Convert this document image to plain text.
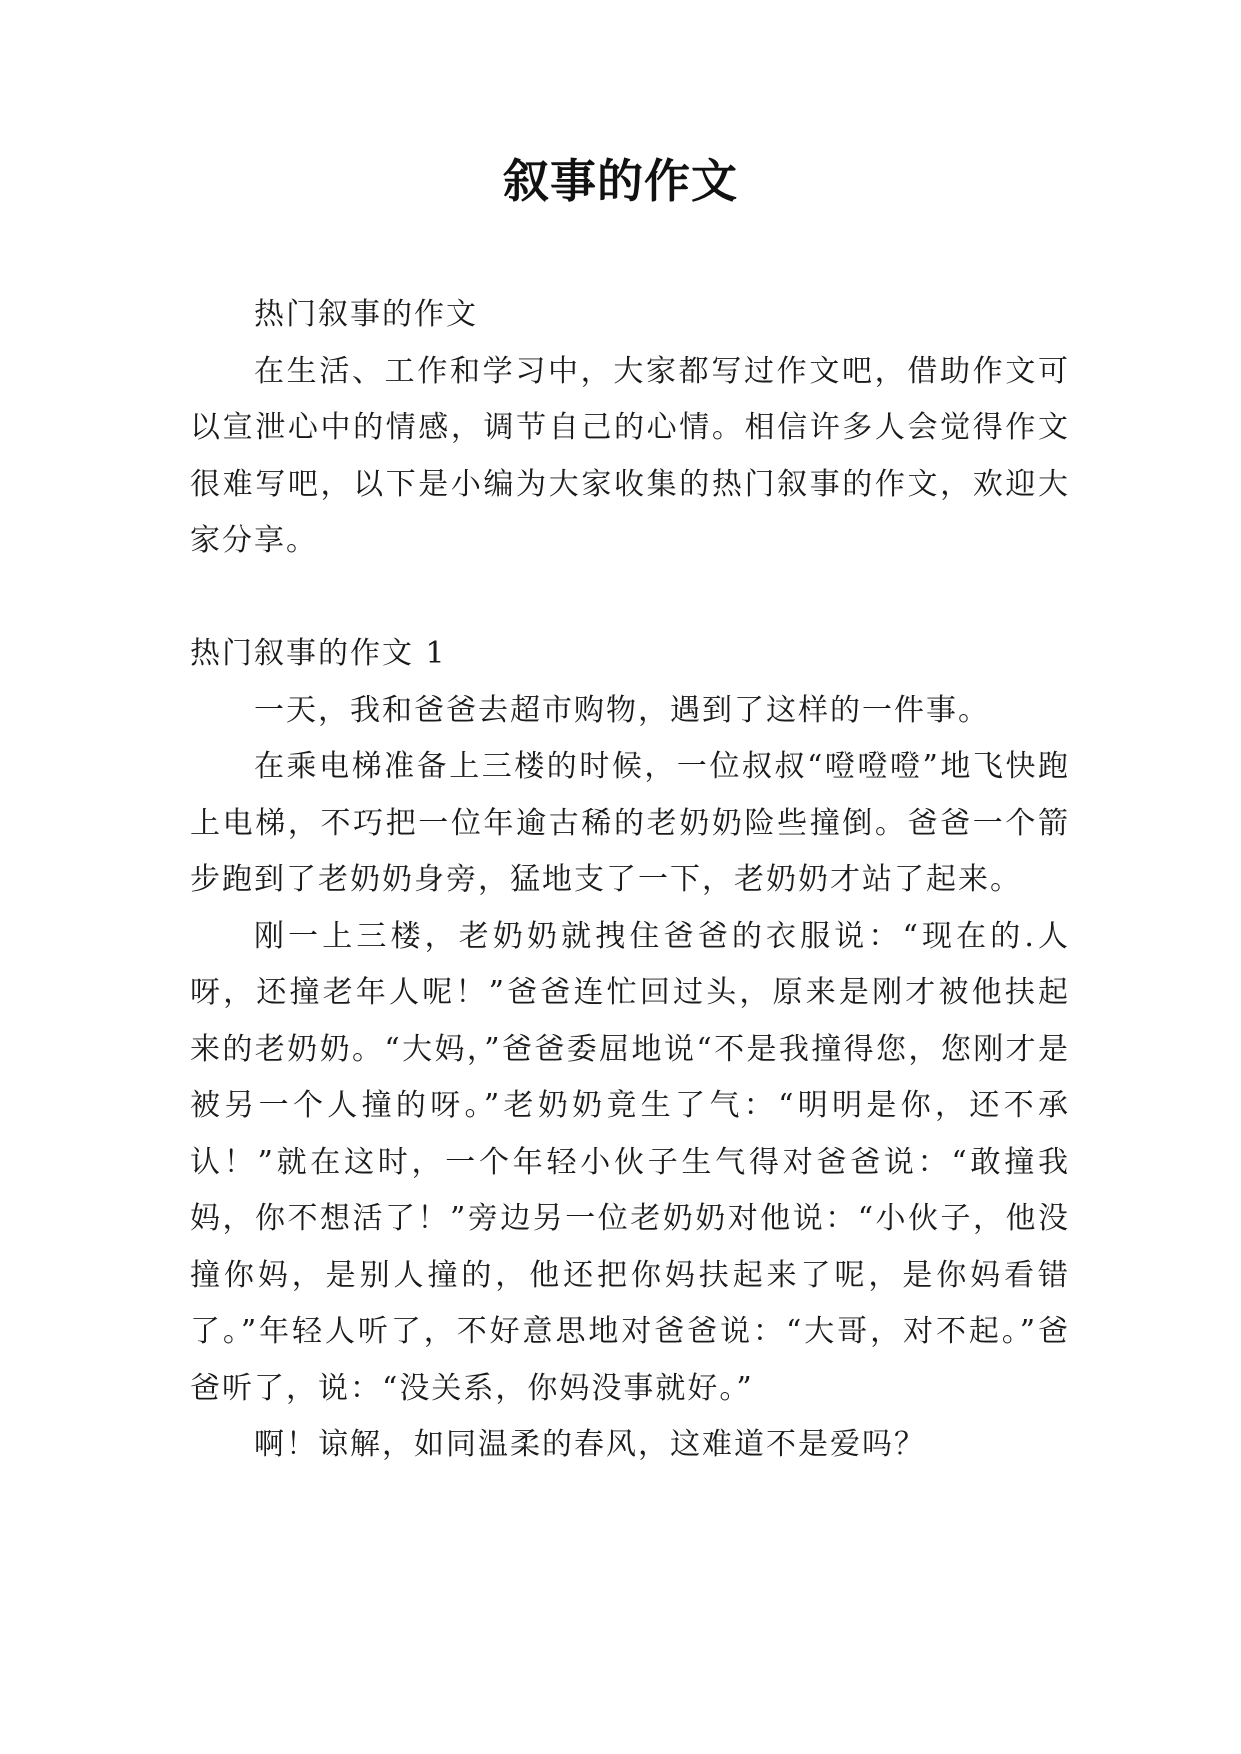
叙事的作文

热门叙事的作文

在生活、工作和学习中，大家都写过作文吧，借助作文可以宣泄心中的情感，调节自己的心情。相信许多人会觉得作文很难写吧，以下是小编为大家收集的热门叙事的作文，欢迎大家分享。

热门叙事的作文 1

一天，我和爸爸去超市购物，遇到了这样的一件事。

在乘电梯准备上三楼的时候，一位叔叔“噔噔噔”地飞快跑上电梯，不巧把一位年逾古稀的老奶奶险些撞倒。爸爸一个箭步跑到了老奶奶身旁，猛地支了一下，老奶奶才站了起来。

刚一上三楼，老奶奶就拽住爸爸的衣服说：“现在的.人呀，还撞老年人呢！”爸爸连忙回过头，原来是刚才被他扶起来的老奶奶。“大妈，”爸爸委屈地说“不是我撞得您，您刚才是被另一个人撞的呀。”老奶奶竟生了气：“明明是你，还不承认！”就在这时，一个年轻小伙子生气得对爸爸说：“敢撞我妈，你不想活了！”旁边另一位老奶奶对他说：“小伙子，他没撞你妈，是别人撞的，他还把你妈扶起来了呢，是你妈看错了。”年轻人听了，不好意思地对爸爸说：“大哥，对不起。”爸爸听了，说：“没关系，你妈没事就好。”

啊！谅解，如同温柔的春风，这难道不是爱吗？
